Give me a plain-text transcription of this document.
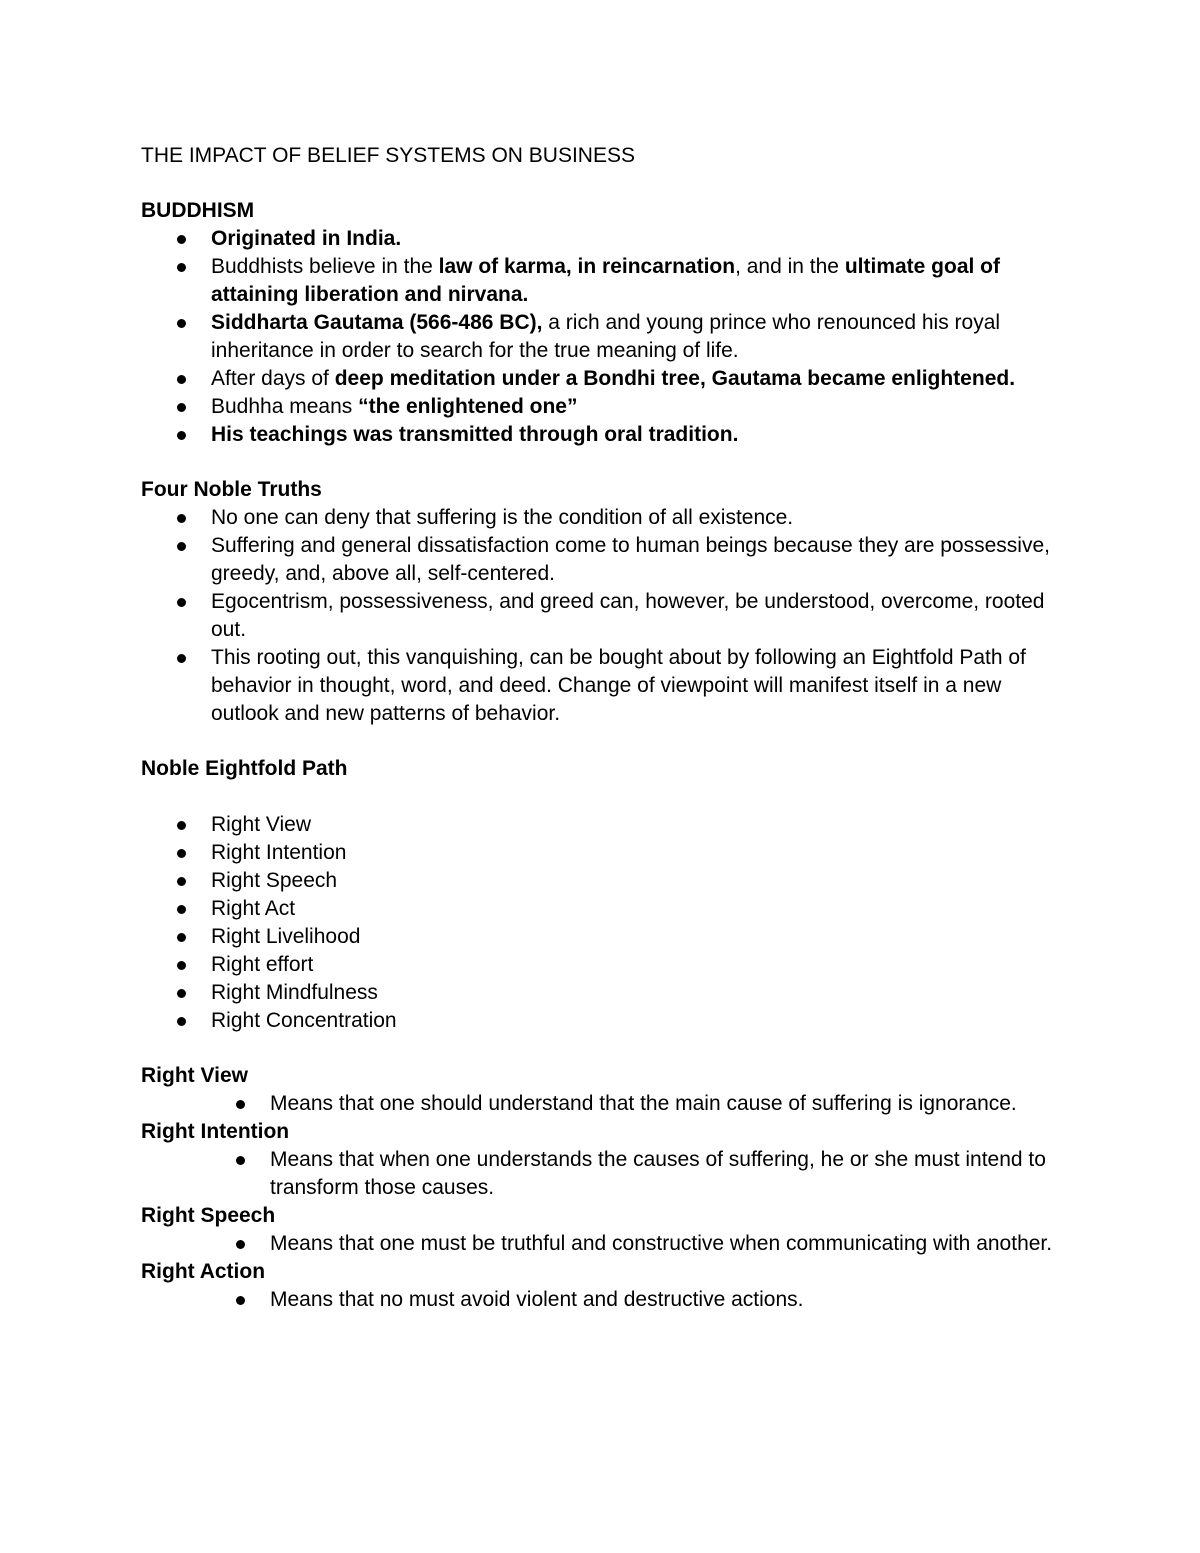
THE IMPACT OF BELIEF SYSTEMS ON BUSINESS
BUDDHISM
Originated in India.
Buddhists believe in the law of karma, in reincarnation, and in the ultimate goal of attaining liberation and nirvana.
Siddharta Gautama (566-486 BC), a rich and young prince who renounced his royal inheritance in order to search for the true meaning of life.
After days of deep meditation under a Bondhi tree, Gautama became enlightened.
Budhha means “the enlightened one”
His teachings was transmitted through oral tradition.
Four Noble Truths
No one can deny that suffering is the condition of all existence.
Suffering and general dissatisfaction come to human beings because they are possessive, greedy, and, above all, self-centered.
Egocentrism, possessiveness, and greed can, however, be understood, overcome, rooted out.
This rooting out, this vanquishing, can be bought about by following an Eightfold Path of behavior in thought, word, and deed. Change of viewpoint will manifest itself in a new outlook and new patterns of behavior.
Noble Eightfold Path
Right View
Right Intention
Right Speech
Right Act
Right Livelihood
Right effort
Right Mindfulness
Right Concentration
Right View
Means that one should understand that the main cause of suffering is ignorance.
Right Intention
Means that when one understands the causes of suffering, he or she must intend to transform those causes.
Right Speech
Means that one must be truthful and constructive when communicating with another.
Right Action
Means that no must avoid violent and destructive actions.
